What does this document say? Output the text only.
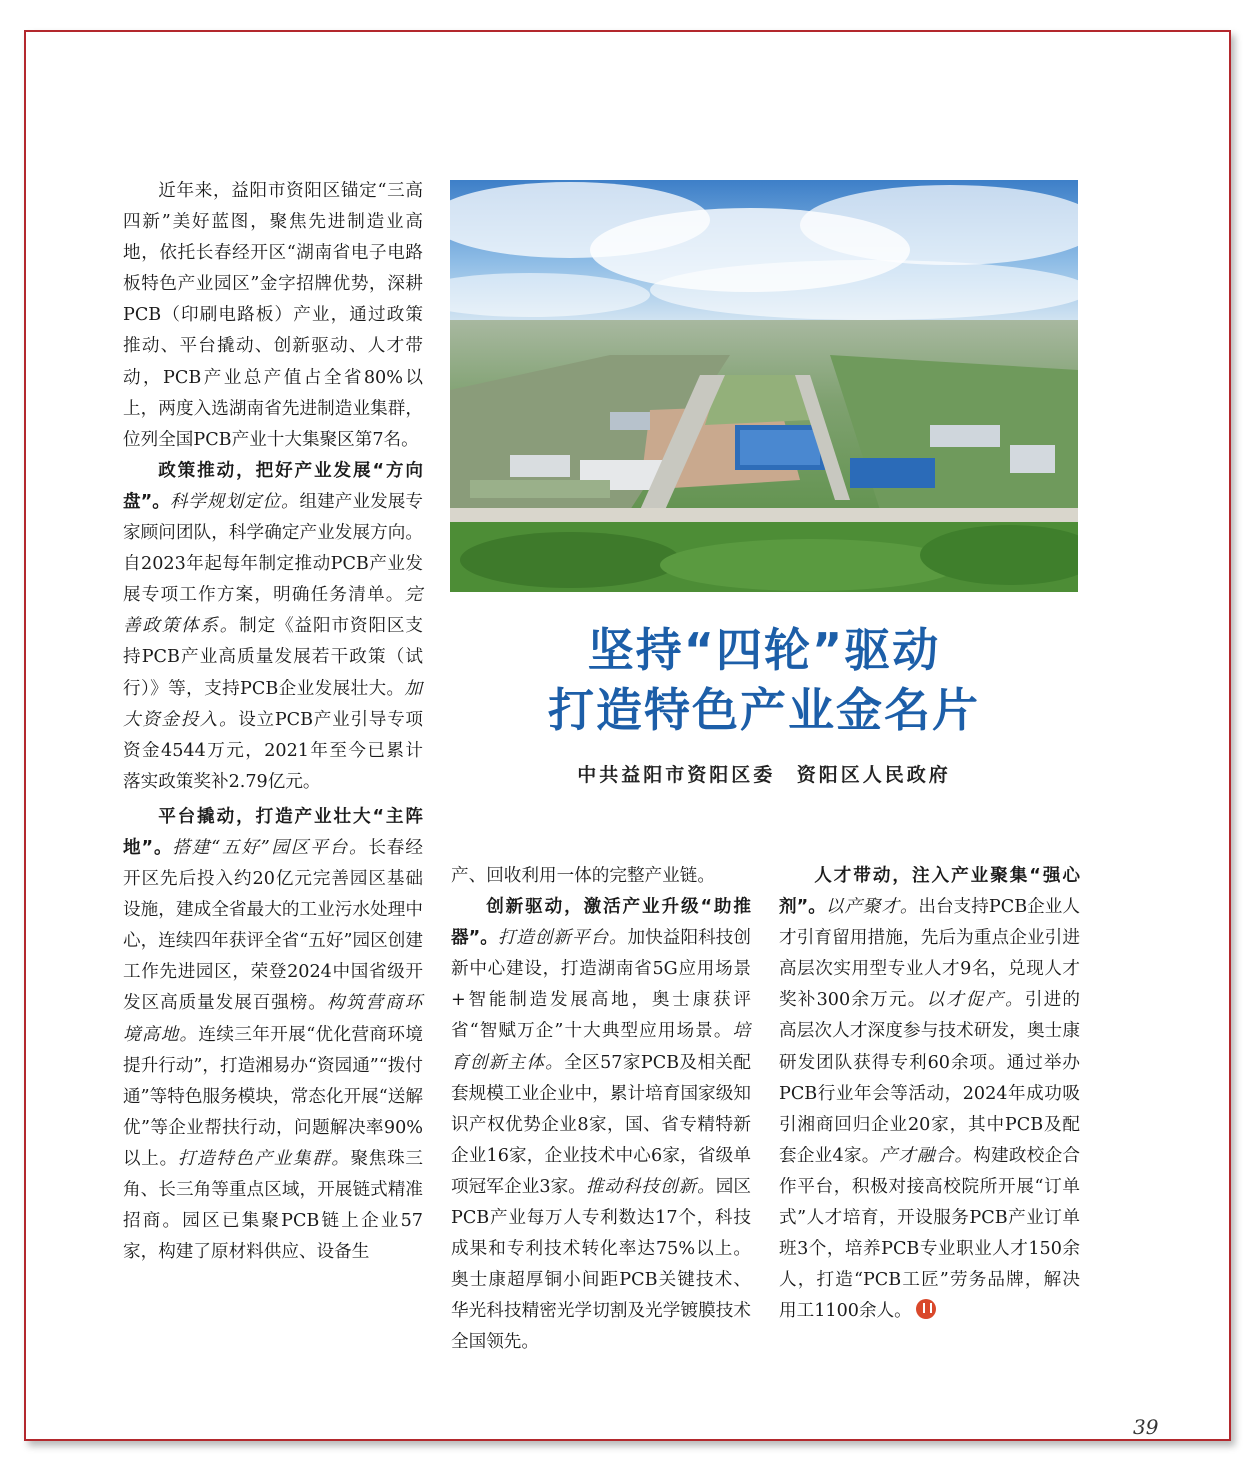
近年来，益阳市资阳区锚定“三高四新”美好蓝图，聚焦先进制造业高地，依托长春经开区“湖南省电子电路板特色产业园区”金字招牌优势，深耕PCB（印刷电路板）产业，通过政策推动、平台撬动、创新驱动、人才带动，PCB产业总产值占全省80%以上，两度入选湖南省先进制造业集群，位列全国PCB产业十大集聚区第7名。

政策推动，把好产业发展“方向盘”。科学规划定位。组建产业发展专家顾问团队，科学确定产业发展方向。自2023年起每年制定推动PCB产业发展专项工作方案，明确任务清单。完善政策体系。制定《益阳市资阳区支持PCB产业高质量发展若干政策（试行）》等，支持PCB企业发展壮大。加大资金投入。设立PCB产业引导专项资金4544万元，2021年至今已累计落实政策奖补2.79亿元。

平台撬动，打造产业壮大“主阵地”。搭建“五好”园区平台。长春经开区先后投入约20亿元完善园区基础设施，建成全省最大的工业污水处理中心，连续四年获评全省“五好”园区创建工作先进园区，荣登2024中国省级开发区高质量发展百强榜。构筑营商环境高地。连续三年开展“优化营商环境提升行动”，打造湘易办“资园通”“拨付通”等特色服务模块，常态化开展“送解优”等企业帮扶行动，问题解决率90%以上。打造特色产业集群。聚焦珠三角、长三角等重点区域，开展链式精准招商。园区已集聚PCB链上企业57家，构建了原材料供应、设备生

坚持“四轮”驱动
打造特色产业金名片
中共益阳市资阳区委 资阳区人民政府

产、回收利用一体的完整产业链。

创新驱动，激活产业升级“助推器”。打造创新平台。加快益阳科技创新中心建设，打造湖南省5G应用场景+智能制造发展高地，奥士康获评省“智赋万企”十大典型应用场景。培育创新主体。全区57家PCB及相关配套规模工业企业中，累计培育国家级知识产权优势企业8家，国、省专精特新企业16家，企业技术中心6家，省级单项冠军企业3家。推动科技创新。园区PCB产业每万人专利数达17个，科技成果和专利技术转化率达75%以上。奥士康超厚铜小间距PCB关键技术、华光科技精密光学切割及光学镀膜技术全国领先。

人才带动，注入产业聚集“强心剂”。以产聚才。出台支持PCB企业人才引育留用措施，先后为重点企业引进高层次实用型专业人才9名，兑现人才奖补300余万元。以才促产。引进的高层次人才深度参与技术研发，奥士康研发团队获得专利60余项。通过举办PCB行业年会等活动，2024年成功吸引湘商回归企业20家，其中PCB及配套企业4家。产才融合。构建政校企合作平台，积极对接高校院所开展“订单式”人才培育，开设服务PCB产业订单班3个，培养PCB专业职业人才150余人，打造“PCB工匠”劳务品牌，解决用工1100余人。

39
